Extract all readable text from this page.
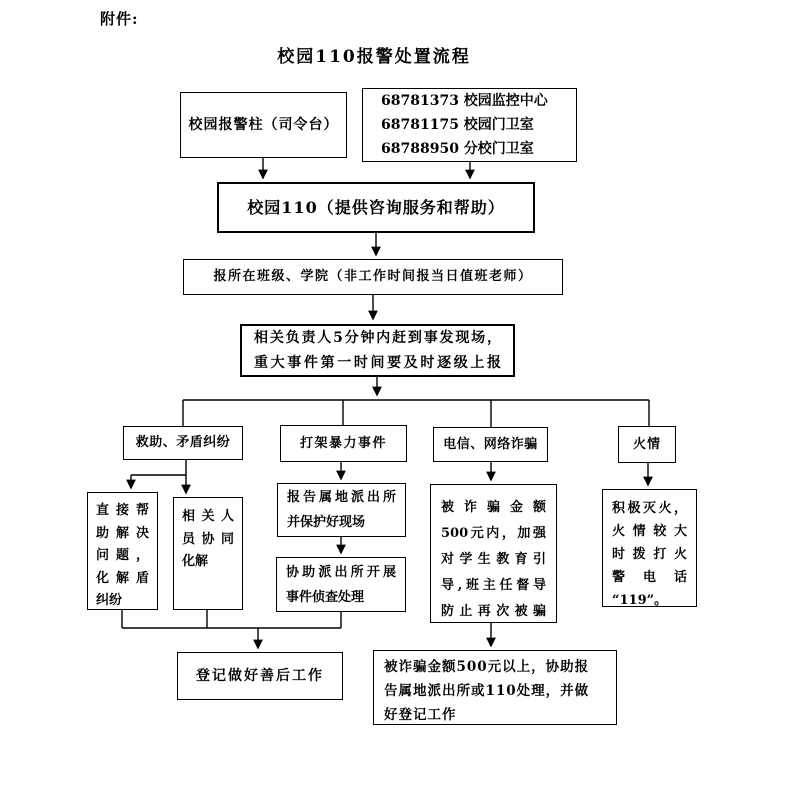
附件:
校园110报警处置流程
校园报警柱（司令台）
68781373 校园监控中心
68781175 校园门卫室
68788950 分校门卫室
校园110（提供咨询服务和帮助）
报所在班级、学院（非工作时间报当日值班老师）
相关负责人5分钟内赶到事发现场，
重大事件第一时间要及时逐级上报
救助、矛盾纠纷	打架暴力事件	电信、网络诈骗	火情
直接帮
助解决
问题，
化解盾
纠纷
相关人
员协同
化解
报告属地派出所
并保护好现场
协助派出所开展
事件侦查处理
被诈骗金额
500元内，加强
对学生教育引
导,班主任督导
防止再次被骗
积极灭火，
火情较大
时拨打火
警电话
“119”。
登记做好善后工作
被诈骗金额500元以上，协助报
告属地派出所或110处理，并做
好登记工作
